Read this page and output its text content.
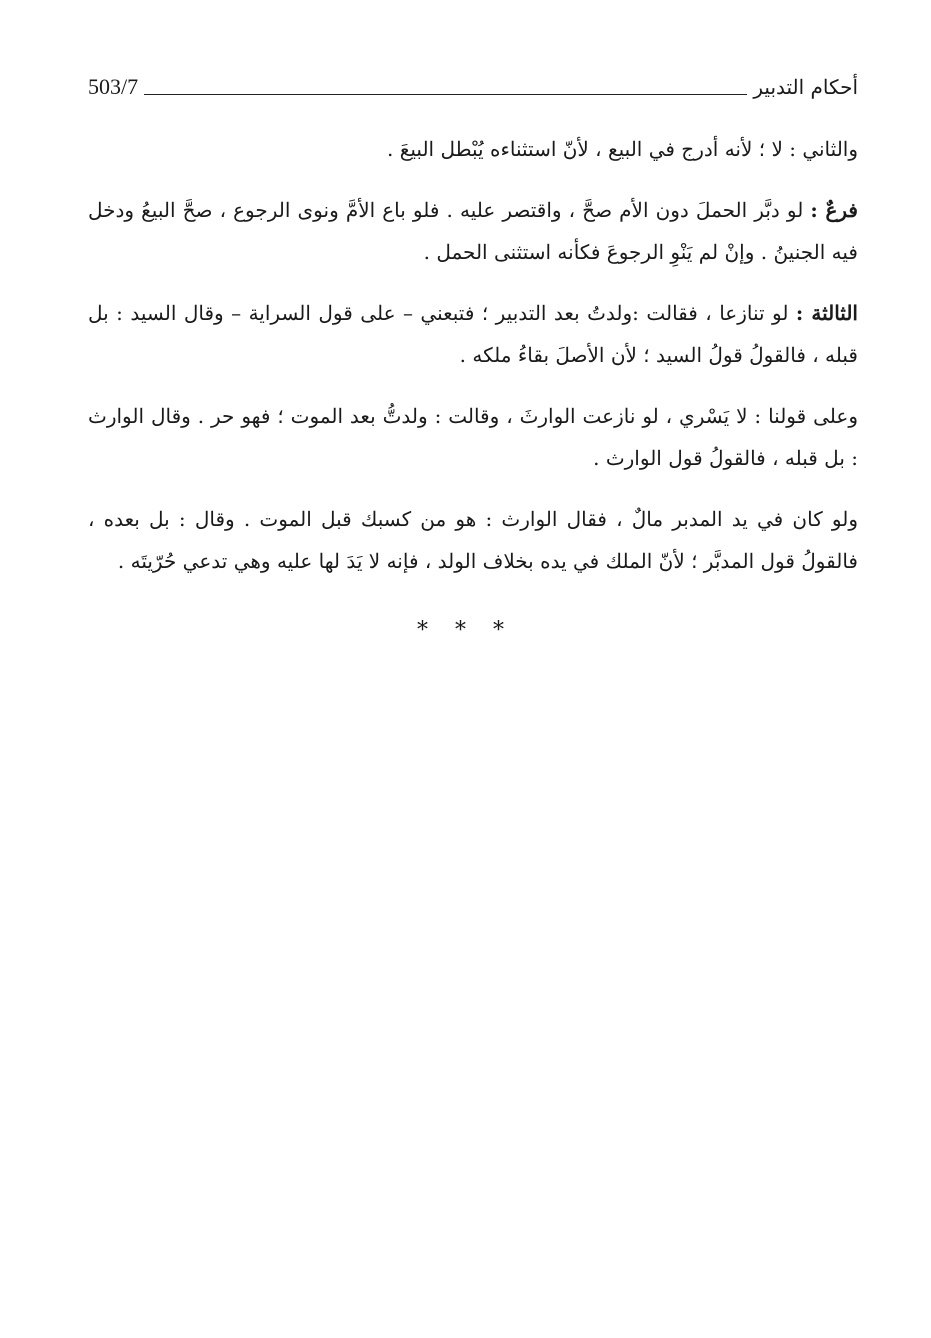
503/7	أحكام التدبير

والثاني : لا ؛ لأنه أدرج في البيع ، لأنّ استثناءه يُبْطل البيعَ .

فرعٌ : لو دبَّر الحملَ دون الأم صحَّ ، واقتصر عليه . فلو باع الأمَّ ونوى الرجوع ، صحَّ البيعُ ودخل فيه الجنينُ . وإنْ لم يَنْوِ الرجوعَ فكأنه استثنى الحمل .

الثالثة : لو تنازعا ، فقالت :ولدتُ بعد التدبير ؛ فتبعني – على قول السراية – وقال السيد : بل قبله ، فالقولُ قولُ السيد ؛ لأن الأصلَ بقاءُ ملكه .

وعلى قولنا : لا يَسْري ، لو نازعت الوارثَ ، وقالت : ولدتُّ بعد الموت ؛ فهو حر . وقال الوارث : بل قبله ، فالقولُ قول الوارث .

ولو كان في يد المدبر مالٌ ، فقال الوارث : هو من كسبك قبل الموت . وقال : بل بعده ، فالقولُ قول المدبَّر ؛ لأنّ الملك في يده بخلاف الولد ، فإنه لا يَدَ لها عليه وهي تدعي حُرّيتَه .

* * *
